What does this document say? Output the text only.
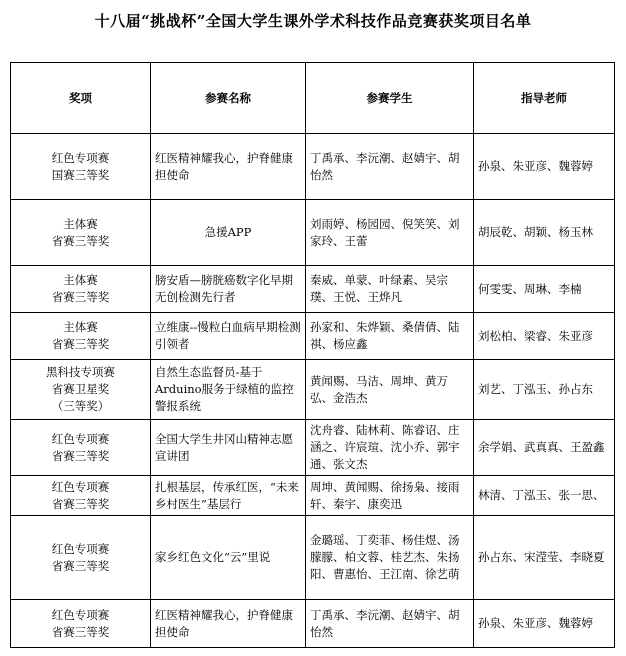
十八届“挑战杯”全国大学生课外学术科技作品竞赛获奖项目名单
奖项	参赛名称	参赛学生	指导老师

红色专项赛
国赛三等奖	红医精神耀我心，护脊健康担使命	丁禹承、李沅潮、赵婧宇、胡怡然	孙泉、朱亚彦、魏蓉婷

主体赛
省赛三等奖	急援APP	刘雨婷、杨园园、倪笑笑、刘家玲、王蕾	胡辰乾、胡颖、杨玉林

主体赛
省赛三等奖	膀安盾—膀胱癌数字化早期无创检测先行者	秦威、单蒙、叶绿素、吴宗璞、王悦、王烨凡	何雯雯、周琳、李楠

主体赛
省赛三等奖	立维康--慢粒白血病早期检测引领者	孙家和、朱烨颖、桑倩倩、陆祺、杨应鑫	刘松柏、梁睿、朱亚彦

黑科技专项赛
省赛卫星奖
（三等奖）	自然生态监督员-基于Arduino服务于绿植的监控警报系统	黄闻赐、马洁、周坤、黄万弘、金浩杰	刘艺、丁泓玉、孙占东

红色专项赛
省赛三等奖	全国大学生井冈山精神志愿宣讲团	沈舟睿、陆林莉、陈睿诏、庄涵之、许宸瑄、沈小乔、郭宇通、张文杰	余学娟、武真真、王盈鑫

红色专项赛
省赛三等奖	扎根基层，传承红医，“未来乡村医生”基层行	周坤、黄闻赐、徐扬枭、接雨轩、秦宇、康奕迅	林清、丁泓玉、张一思、

红色专项赛
省赛三等奖	家乡红色文化“云”里说	金璐瑶、丁奕菲、杨佳煜、汤朦朦、柏文蓉、桂艺杰、朱扬阳、曹惠怡、王江南、徐艺萌	孙占东、宋滢莹、李晓夏

红色专项赛
省赛三等奖	红医精神耀我心，护脊健康担使命	丁禹承、李沅潮、赵婧宇、胡怡然	孙泉、朱亚彦、魏蓉婷
